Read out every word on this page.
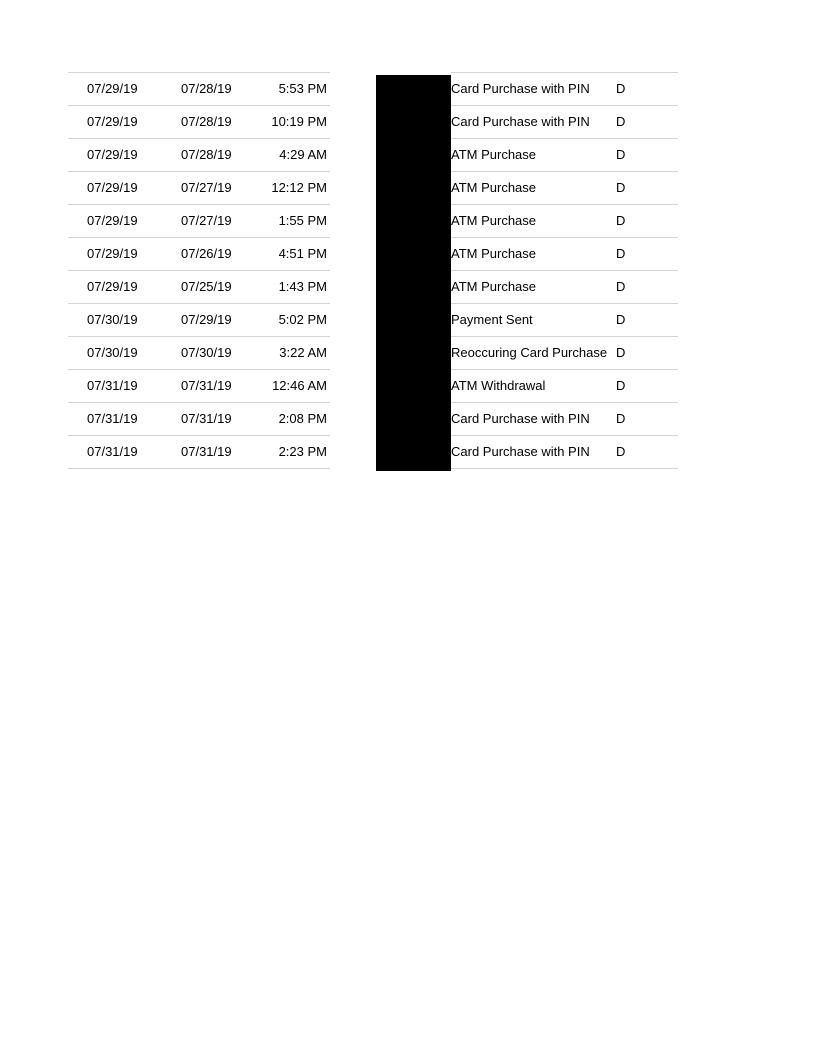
07/29/19	07/28/19	5:53 PM	Card Purchase with PIN D
07/29/19	07/28/19	10:19 PM	Card Purchase with PIN D
07/29/19	07/28/19	4:29 AM	ATM Purchase	D
07/29/19	07/27/19	12:12 PM	ATM Purchase	D
07/29/19	07/27/19	1:55 PM	ATM Purchase	D
07/29/19	07/26/19	4:51 PM	ATM Purchase	D
07/29/19	07/25/19	1:43 PM	ATM Purchase	D
07/30/19	07/29/19	5:02 PM	Payment Sent	D
07/30/19	07/30/19	3:22 AM	Reoccuring Card Purchase D
07/31/19	07/31/19	12:46 AM	ATM Withdrawal	D
07/31/19	07/31/19	2:08 PM	Card Purchase with PIN D
07/31/19	07/31/19	2:23 PM	Card Purchase with PIN D
